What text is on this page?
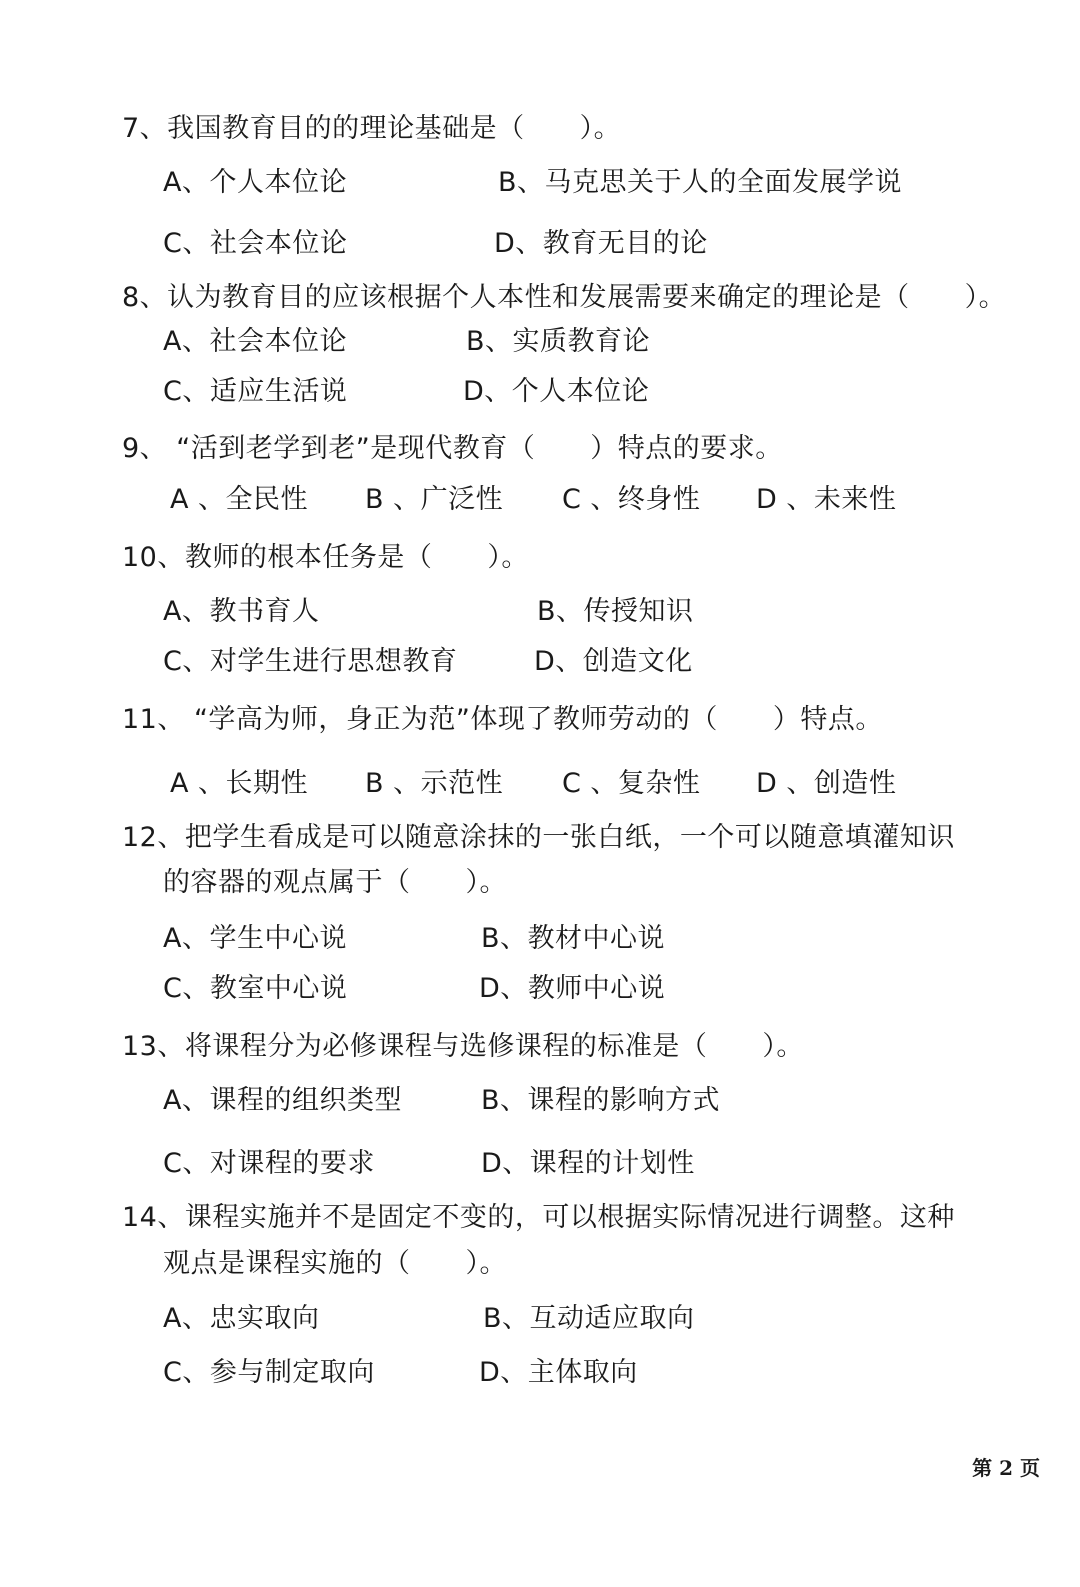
7、我国教育目的的理论基础是（　　）。
A、个人本位论	B、马克思关于人的全面发展学说
C、社会本位论	D、教育无目的论
8、认为教育目的应该根据个人本性和发展需要来确定的理论是（　　）。
A、社会本位论	B、实质教育论
C、适应生活说	D、个人本位论
9、 “活到老学到老”是现代教育（　　）特点的要求。
A 、全民性 B 、广泛性 C 、终身性 D 、未来性
10、教师的根本任务是（　　）。
A、教书育人	B、传授知识
C、对学生进行思想教育	D、创造文化
11、 “学高为师，身正为范”体现了教师劳动的（　　）特点。
A 、长期性 B 、示范性 C 、复杂性 D 、创造性
12、把学生看成是可以随意涂抹的一张白纸，一个可以随意填灌知识
的容器的观点属于（　　）。
A、学生中心说	B、教材中心说
C、教室中心说	D、教师中心说
13、将课程分为必修课程与选修课程的标准是（　　）。
A、课程的组织类型	B、课程的影响方式
C、对课程的要求	D、课程的计划性
14、课程实施并不是固定不变的，可以根据实际情况进行调整。这种
观点是课程实施的（　　）。
A、忠实取向	B、互动适应取向
C、参与制定取向	D、主体取向
第 2 页
